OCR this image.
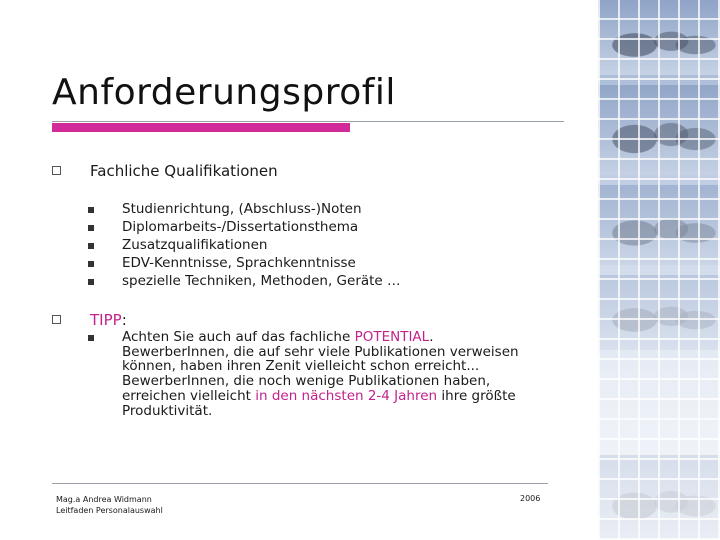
Anforderungsprofil
Fachliche Qualifikationen
Studienrichtung, (Abschluss-)Noten
Diplomarbeits-/Dissertationsthema
Zusatzqualifikationen
EDV-Kenntnisse, Sprachkenntnisse
spezielle Techniken, Methoden, Geräte …
TIPP:
Achten Sie auch auf das fachliche POTENTIAL.
BewerberInnen, die auf sehr viele Publikationen verweisen
können, haben ihren Zenit vielleicht schon erreicht...
BewerberInnen, die noch wenige Publikationen haben,
erreichen vielleicht in den nächsten 2-4 Jahren ihre größte
Produktivität.
Mag.a Andrea Widmann
Leitfaden Personalauswahl
2006
